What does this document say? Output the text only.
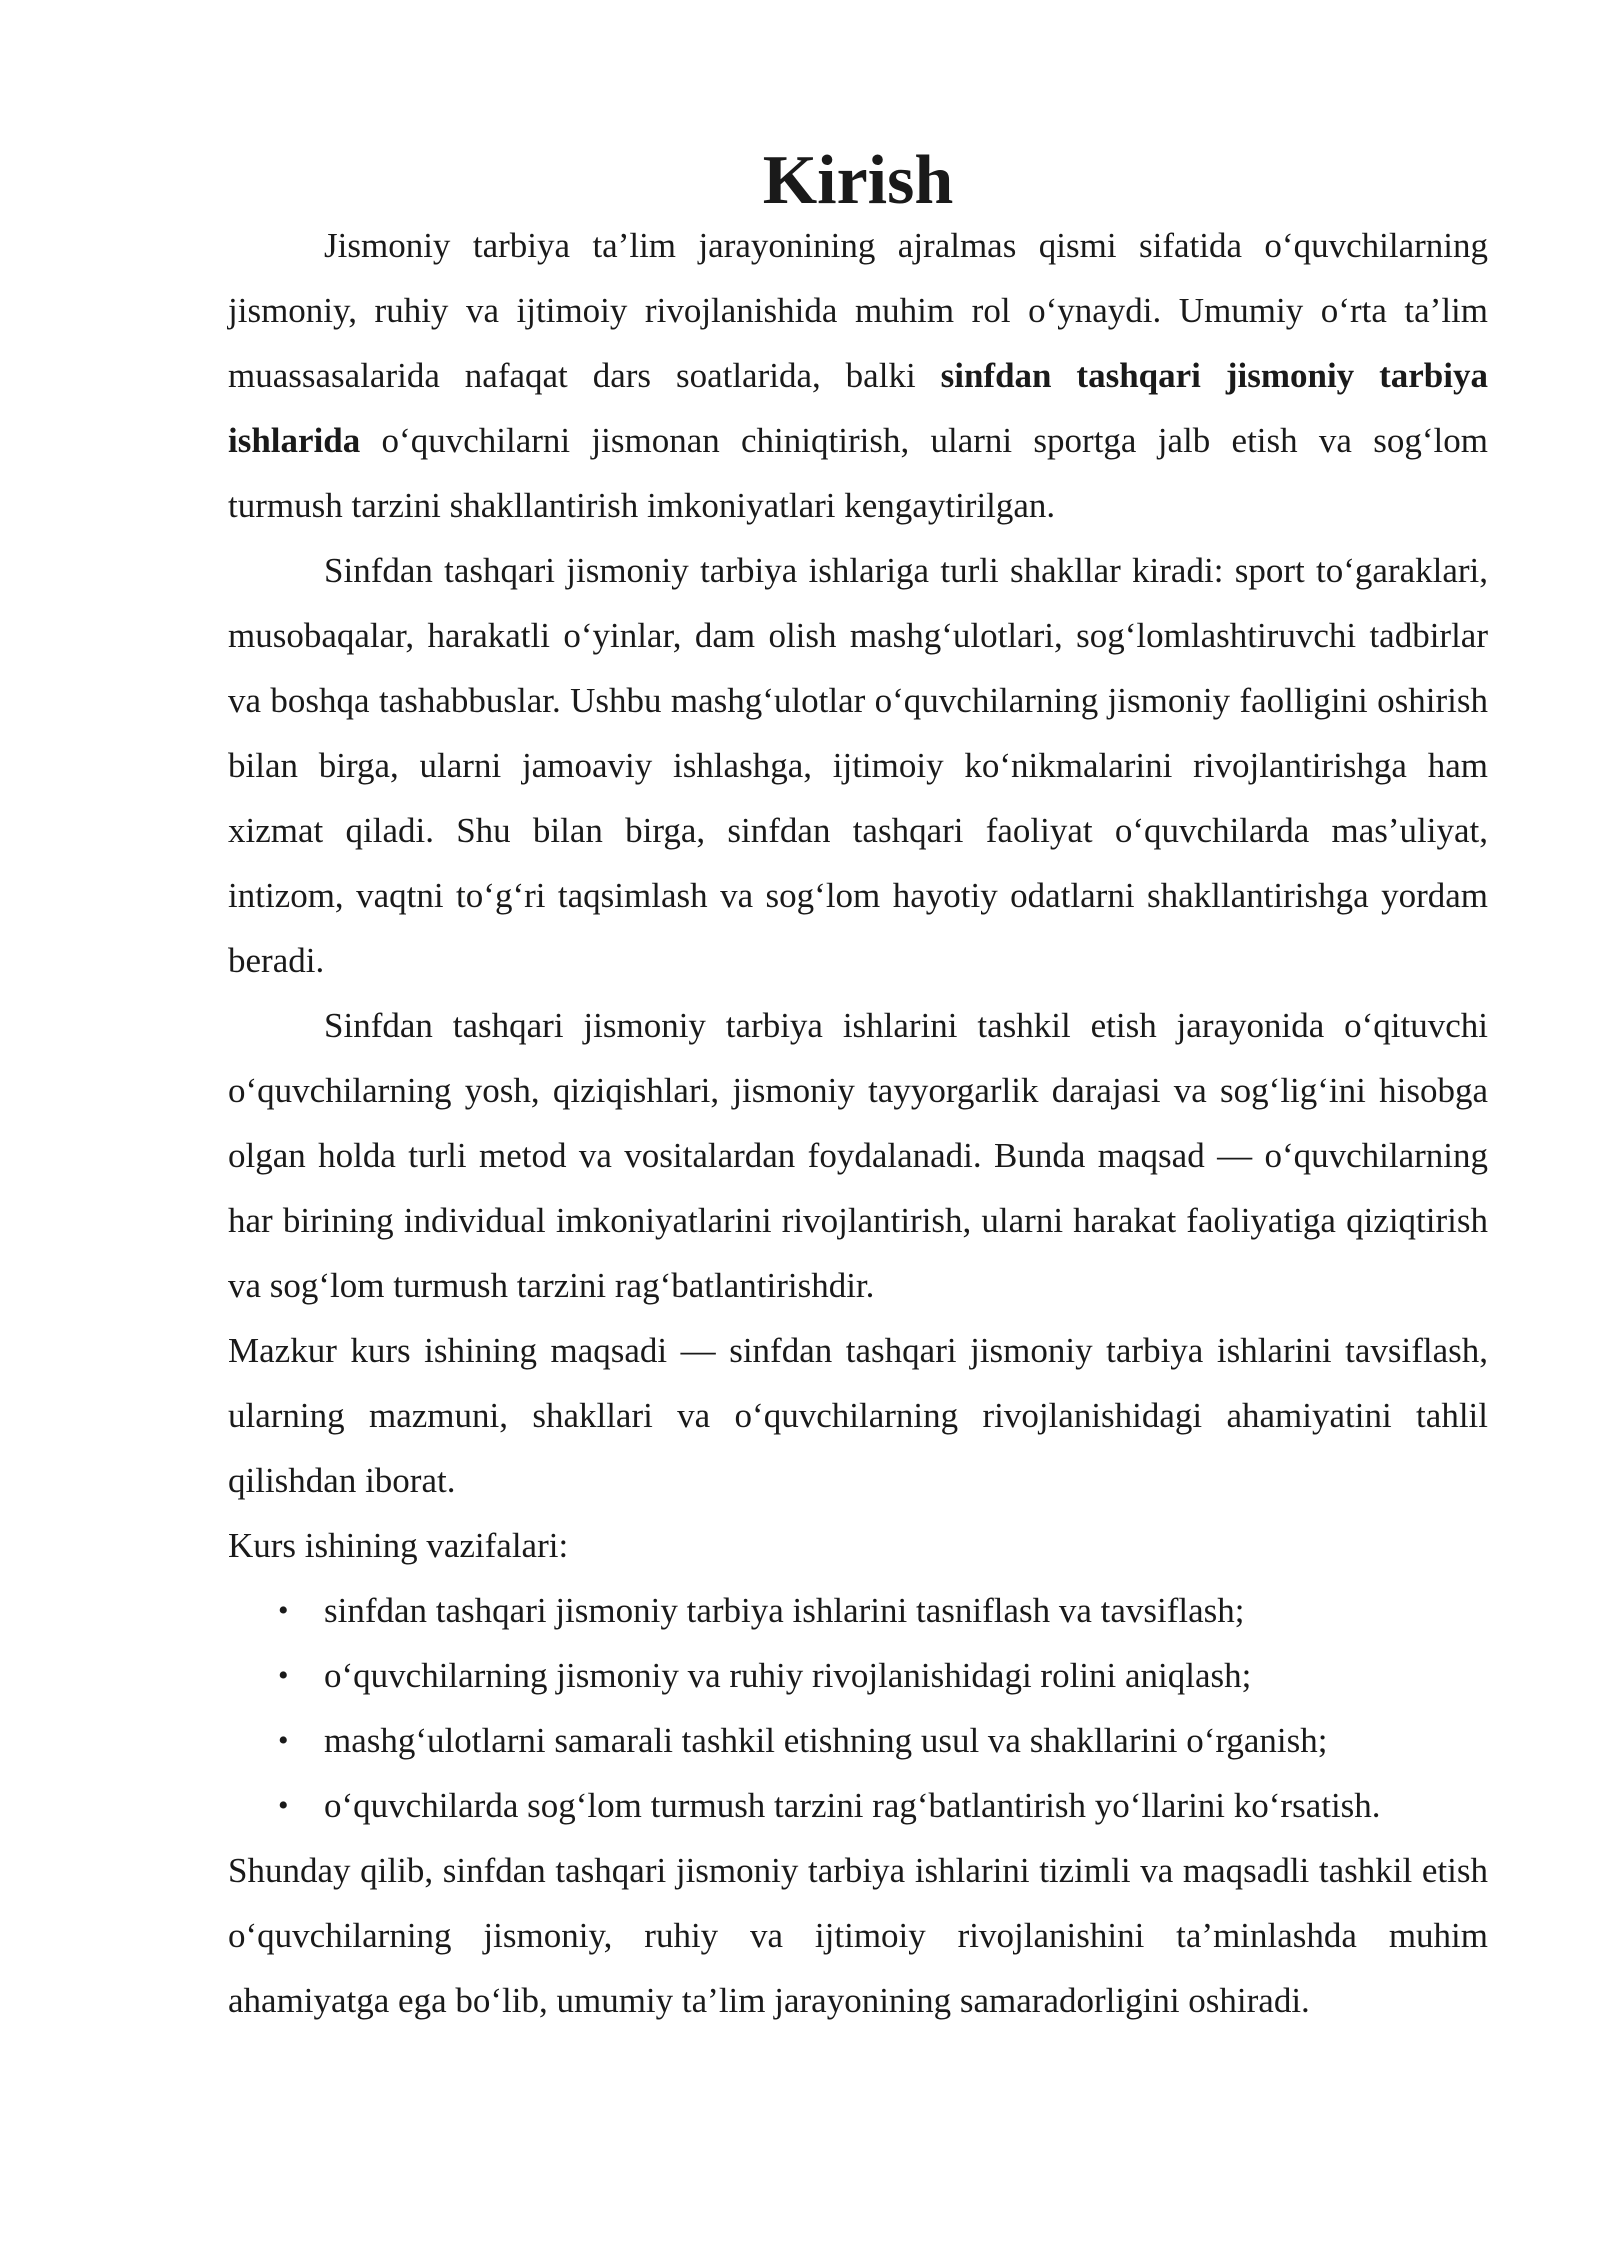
Kirish

Jismoniy tarbiya ta’lim jarayonining ajralmas qismi sifatida o‘quvchilarning jismoniy, ruhiy va ijtimoiy rivojlanishida muhim rol o‘ynaydi. Umumiy o‘rta ta’lim muassasalarida nafaqat dars soatlarida, balki sinfdan tashqari jismoniy tarbiya ishlarida o‘quvchilarni jismonan chiniqtirish, ularni sportga jalb etish va sog‘lom turmush tarzini shakllantirish imkoniyatlari kengaytirilgan.

Sinfdan tashqari jismoniy tarbiya ishlariga turli shakllar kiradi: sport to‘garaklari, musobaqalar, harakatli o‘yinlar, dam olish mashg‘ulotlari, sog‘lomlashtiruvchi tadbirlar va boshqa tashabbuslar. Ushbu mashg‘ulotlar o‘quvchilarning jismoniy faolligini oshirish bilan birga, ularni jamoaviy ishlashga, ijtimoiy ko‘nikmalarini rivojlantirishga ham xizmat qiladi. Shu bilan birga, sinfdan tashqari faoliyat o‘quvchilarda mas’uliyat, intizom, vaqtni to‘g‘ri taqsimlash va sog‘lom hayotiy odatlarni shakllantirishga yordam beradi.

Sinfdan tashqari jismoniy tarbiya ishlarini tashkil etish jarayonida o‘qituvchi o‘quvchilarning yosh, qiziqishlari, jismoniy tayyorgarlik darajasi va sog‘lig‘ini hisobga olgan holda turli metod va vositalardan foydalanadi. Bunda maqsad — o‘quvchilarning har birining individual imkoniyatlarini rivojlantirish, ularni harakat faoliyatiga qiziqtirish va sog‘lom turmush tarzini rag‘batlantirishdir.

Mazkur kurs ishining maqsadi — sinfdan tashqari jismoniy tarbiya ishlarini tavsiflash, ularning mazmuni, shakllari va o‘quvchilarning rivojlanishidagi ahamiyatini tahlil qilishdan iborat.

Kurs ishining vazifalari:

• sinfdan tashqari jismoniy tarbiya ishlarini tasniflash va tavsiflash;
• o‘quvchilarning jismoniy va ruhiy rivojlanishidagi rolini aniqlash;
• mashg‘ulotlarni samarali tashkil etishning usul va shakllarini o‘rganish;
• o‘quvchilarda sog‘lom turmush tarzini rag‘batlantirish yo‘llarini ko‘rsatish.

Shunday qilib, sinfdan tashqari jismoniy tarbiya ishlarini tizimli va maqsadli tashkil etish o‘quvchilarning jismoniy, ruhiy va ijtimoiy rivojlanishini ta’minlashda muhim ahamiyatga ega bo‘lib, umumiy ta’lim jarayonining samaradorligini oshiradi.
